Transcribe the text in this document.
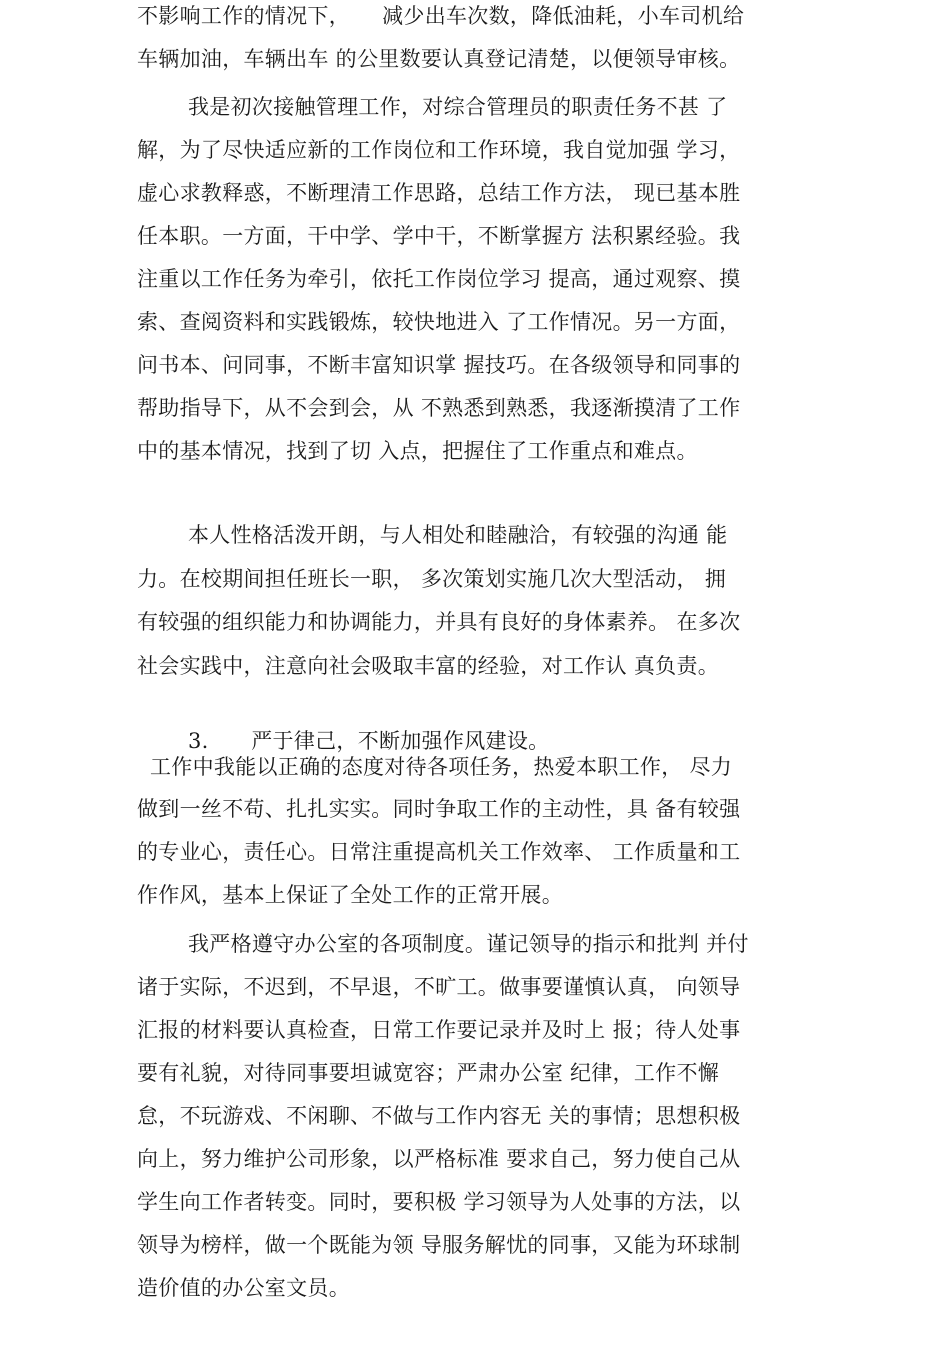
不影响工作的情况下，　　减少出车次数，降低油耗，小车司机给
车辆加油，车辆出车 的公里数要认真登记清楚，以便领导审核。
我是初次接触管理工作，对综合管理员的职责任务不甚 了
解，为了尽快适应新的工作岗位和工作环境，我自觉加强 学习，
虚心求教释惑，不断理清工作思路，总结工作方法， 现已基本胜
任本职。一方面，干中学、学中干，不断掌握方 法积累经验。我
注重以工作任务为牵引，依托工作岗位学习 提高，通过观察、摸
索、查阅资料和实践锻炼，较快地进入 了工作情况。另一方面，
问书本、问同事，不断丰富知识掌 握技巧。在各级领导和同事的
帮助指导下，从不会到会，从 不熟悉到熟悉，我逐渐摸清了工作
中的基本情况，找到了切 入点，把握住了工作重点和难点。
本人性格活泼开朗，与人相处和睦融洽，有较强的沟通 能
力。在校期间担任班长一职， 多次策划实施几次大型活动， 拥
有较强的组织能力和协调能力，并具有良好的身体素养。 在多次
社会实践中，注意向社会吸取丰富的经验，对工作认 真负责。
3.　　严于律己，不断加强作风建设。
工作中我能以正确的态度对待各项任务，热爱本职工作， 尽力
做到一丝不苟、扎扎实实。同时争取工作的主动性，具 备有较强
的专业心，责任心。日常注重提高机关工作效率、 工作质量和工
作作风，基本上保证了全处工作的正常开展。
我严格遵守办公室的各项制度。谨记领导的指示和批判 并付
诸于实际，不迟到，不早退，不旷工。做事要谨慎认真， 向领导
汇报的材料要认真检查，日常工作要记录并及时上 报；待人处事
要有礼貌，对待同事要坦诚宽容；严肃办公室 纪律，工作不懈
怠，不玩游戏、不闲聊、不做与工作内容无 关的事情；思想积极
向上，努力维护公司形象，以严格标准 要求自己，努力使自己从
学生向工作者转变。同时，要积极 学习领导为人处事的方法，以
领导为榜样，做一个既能为领 导服务解忧的同事，又能为环球制
造价值的办公室文员。
